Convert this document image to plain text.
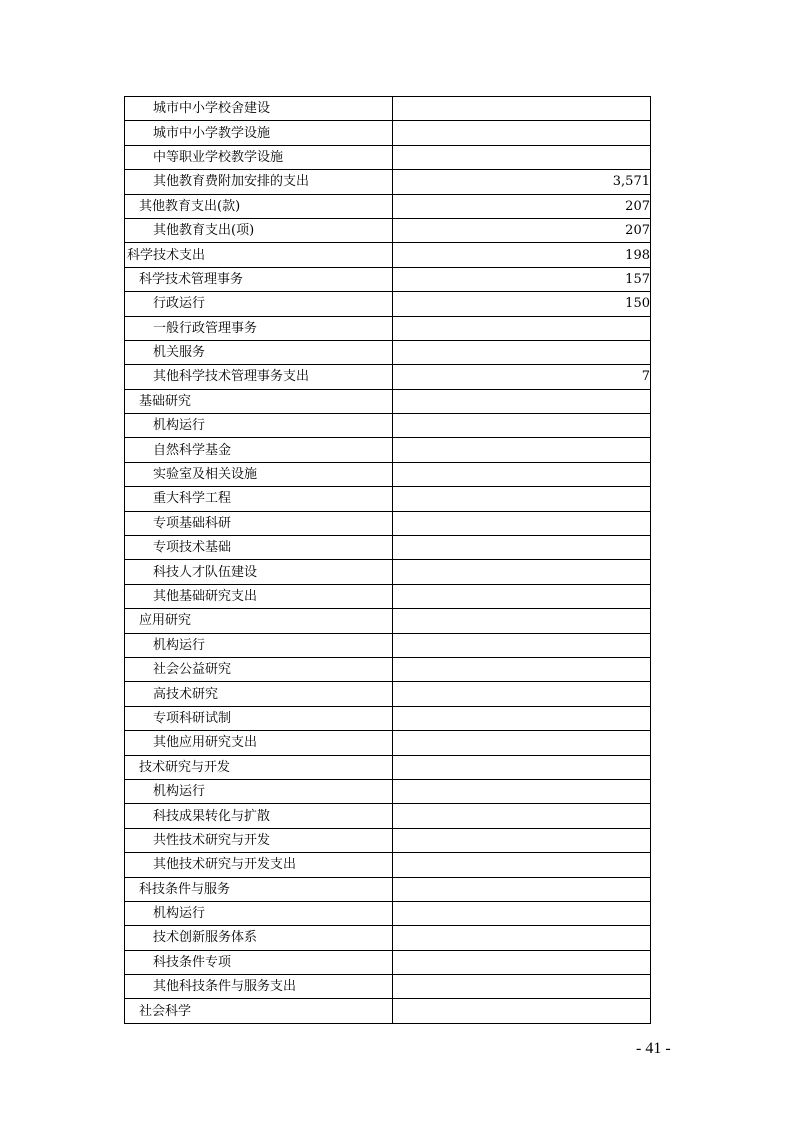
城市中小学校舍建设	
城市中小学教学设施	
中等职业学校教学设施	
其他教育费附加安排的支出	3,571
其他教育支出(款)	207
其他教育支出(项)	207
科学技术支出	198
科学技术管理事务	157
行政运行	150
一般行政管理事务	
机关服务	
其他科学技术管理事务支出	7
基础研究	
机构运行	
自然科学基金	
实验室及相关设施	
重大科学工程	
专项基础科研	
专项技术基础	
科技人才队伍建设	
其他基础研究支出	
应用研究	
机构运行	
社会公益研究	
高技术研究	
专项科研试制	
其他应用研究支出	
技术研究与开发	
机构运行	
科技成果转化与扩散	
共性技术研究与开发	
其他技术研究与开发支出	
科技条件与服务	
机构运行	
技术创新服务体系	
科技条件专项	
其他科技条件与服务支出	
社会科学	
- 41 -
